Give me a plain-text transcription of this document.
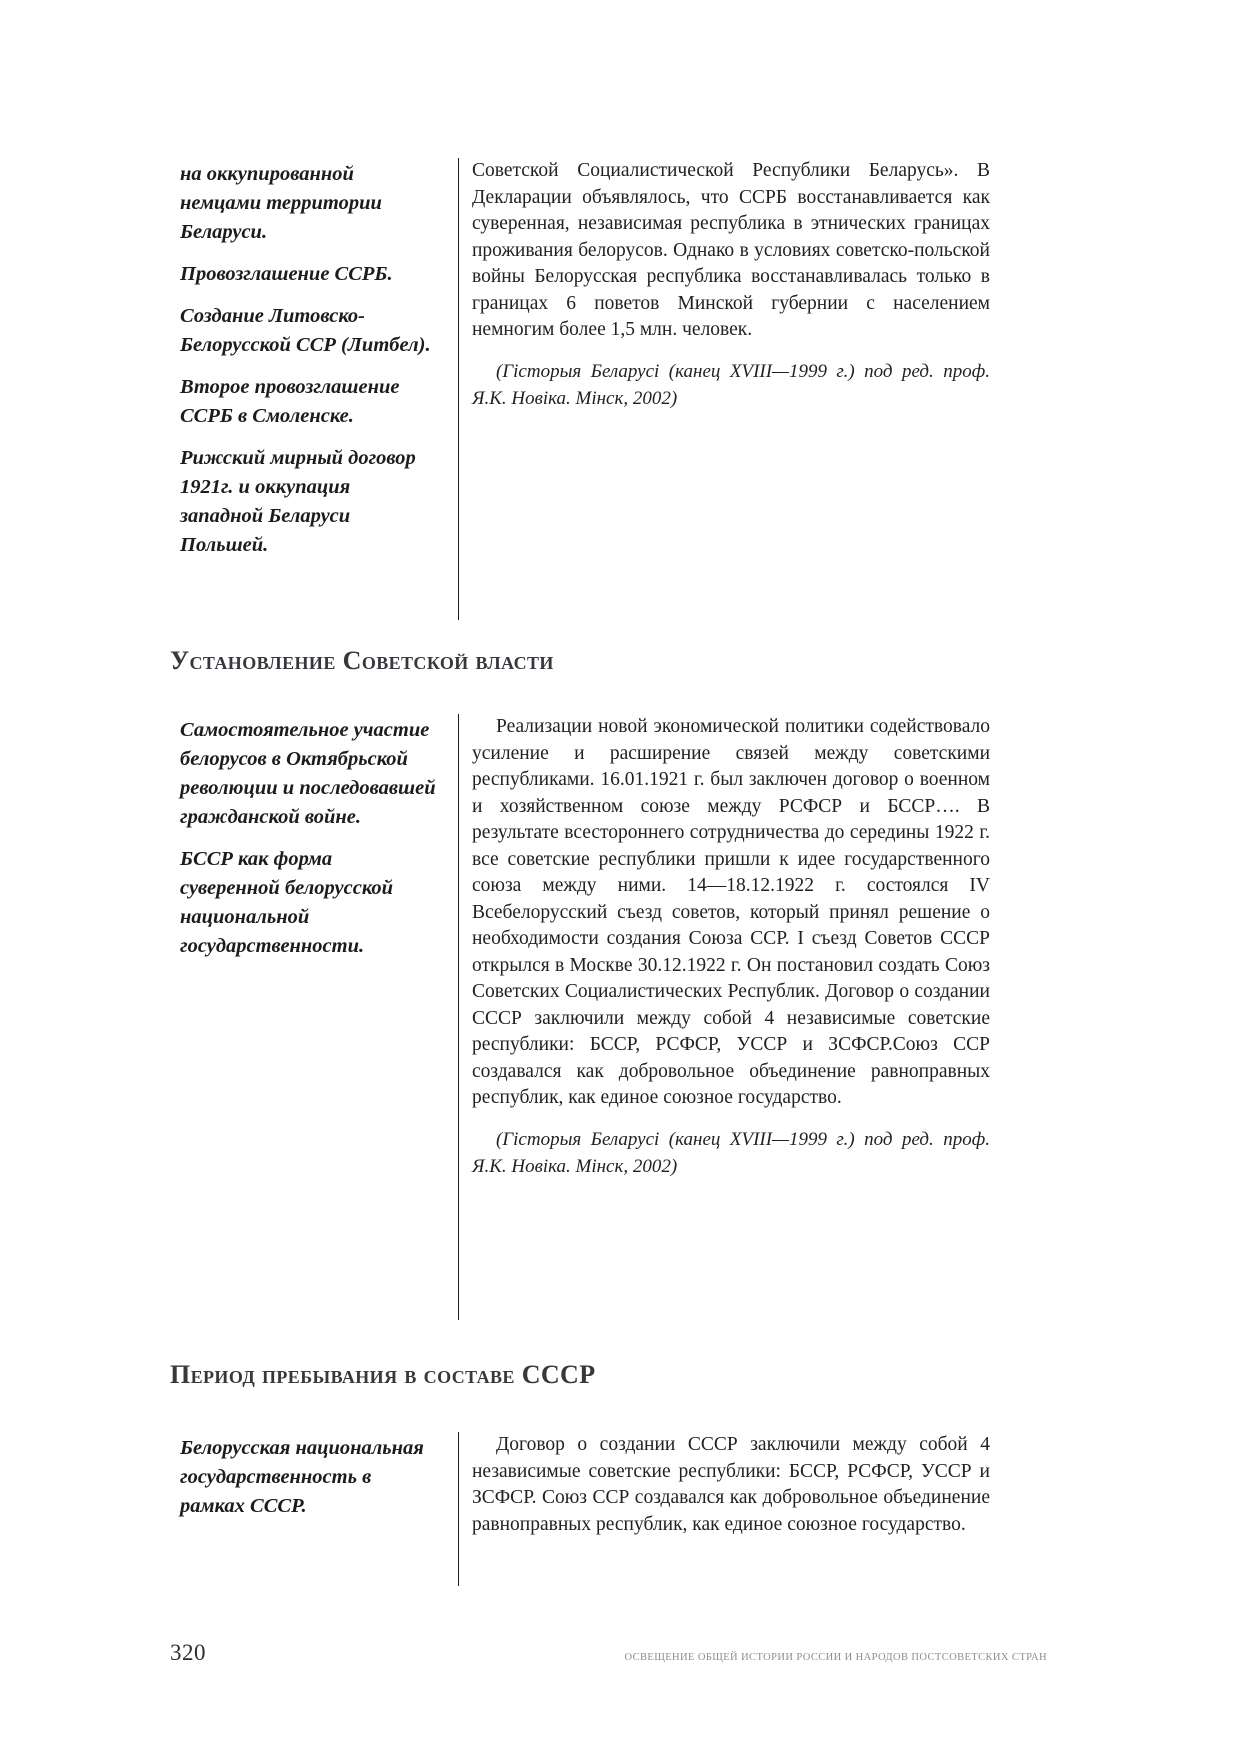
на оккупированной немцами территории Беларуси.

Провозглашение ССРБ.

Создание Литовско-Белорусской ССР (Литбел).

Второе провозглашение ССРБ в Смоленске.

Рижский мирный договор 1921г. и оккупация западной Беларуси Польшей.

Советской Социалистической Республики Беларусь». В Декларации объявлялось, что ССРБ восстанавливается как суверенная, независимая республика в этнических границах проживания белорусов. Однако в условиях советско-польской войны Белорусская республика восстанавливалась только в границах 6 поветов Минской губернии с населением немногим более 1,5 млн. человек.

(Гісторыя Беларусі (канец XVIII—1999 г.) под ред. проф. Я.К. Новіка. Мінск, 2002)

Установление Советской власти

Самостоятельное участие белорусов в Октябрьской революции и последовавшей гражданской войне.

БССР как форма суверенной белорусской национальной государственности.

Реализации новой экономической политики содействовало усиление и расширение связей между советскими республиками. 16.01.1921 г. был заключен договор о военном и хозяйственном союзе между РСФСР и БССР…. В результате всестороннего сотрудничества до середины 1922 г. все советские республики пришли к идее государственного союза между ними. 14—18.12.1922 г. состоялся IV Всебелорусский съезд советов, который принял решение о необходимости создания Союза ССР. I съезд Советов СССР открылся в Москве 30.12.1922 г. Он постановил создать Союз Советских Социалистических Республик. Договор о создании СССР заключили между собой 4 независимые советские республики: БССР, РСФСР, УССР и ЗСФСР.Союз ССР создавался как добровольное объединение равноправных республик, как единое союзное государство.

(Гісторыя Беларусі (канец XVIII—1999 г.) под ред. проф. Я.К. Новіка. Мінск, 2002)

Период пребывания в составе СССР

Белорусская национальная государственность в рамках СССР.

Договор о создании СССР заключили между собой 4 независимые советские республики: БССР, РСФСР, УССР и ЗСФСР. Союз ССР создавался как добровольное объединение равноправных республик, как единое союзное государство.

320	ОСВЕЩЕНИЕ ОБЩЕЙ ИСТОРИИ РОССИИ И НАРОДОВ ПОСТСОВЕТСКИХ СТРАН
